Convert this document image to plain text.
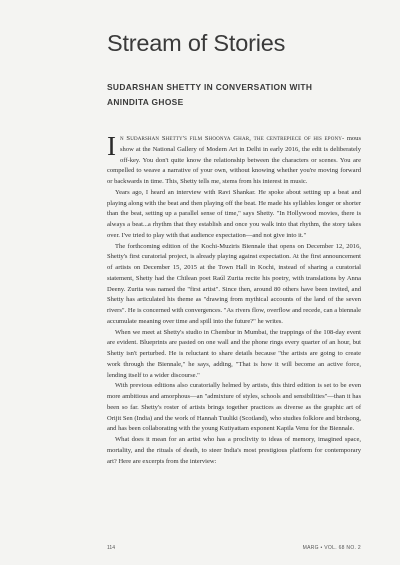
Stream of Stories
SUDARSHAN SHETTY IN CONVERSATION WITH
ANINDITA GHOSE

In Sudarshan Shetty's film Shoonya Ghar, the centrepiece of his epony- mous show at the National Gallery of Modern Art in Delhi in early 2016, the edit is deliberately off-key. You don't quite know the relationship between the characters or scenes. You are compelled to weave a narrative of your own, without knowing whether you're moving forward or backwards in time. This, Shetty tells me, stems from his interest in music.

Years ago, I heard an interview with Ravi Shankar. He spoke about setting up a beat and playing along with the beat and then playing off the beat. He made his syllables longer or shorter than the beat, setting up a parallel sense of time," says Shetty. "In Hollywood movies, there is always a beat...a rhythm that they establish and once you walk into that rhythm, the story takes over. I've tried to play with that audience expectation—and not give into it."

The forthcoming edition of the Kochi-Muziris Biennale that opens on December 12, 2016, Shetty's first curatorial project, is already playing against expectation. At the first announcement of artists on December 15, 2015 at the Town Hall in Kochi, instead of sharing a curatorial statement, Shetty had the Chilean poet Raúl Zurita recite his poetry, with translations by Anna Deeny. Zurita was named the "first artist". Since then, around 80 others have been invited, and Shetty has articulated his theme as "drawing from mythical accounts of the land of the seven rivers". He is concerned with convergences. "As rivers flow, overflow and recede, can a biennale accumulate meaning over time and spill into the future?" he writes.

When we meet at Shetty's studio in Chembur in Mumbai, the trappings of the 108-day event are evident. Blueprints are pasted on one wall and the phone rings every quarter of an hour, but Shetty isn't perturbed. He is reluctant to share details because "the artists are going to create work through the Biennale," he says, adding, "That is how it will become an active force, lending itself to a wider discourse."

With previous editions also curatorially helmed by artists, this third edition is set to be even more ambitious and amorphous—an "admixture of styles, schools and sensibilities"—than it has been so far. Shetty's roster of artists brings together practices as diverse as the graphic art of Orijit Sen (India) and the work of Hannah Tuuliki (Scotland), who studies folklore and birdsong, and has been collaborating with the young Kutiyattam exponent Kapila Venu for the Biennale.

What does it mean for an artist who has a proclivity to ideas of memory, imagined space, mortality, and the rituals of death, to steer India's most prestigious platform for contemporary art? Here are excerpts from the interview:

114	MARG • VOL. 68 NO. 2
